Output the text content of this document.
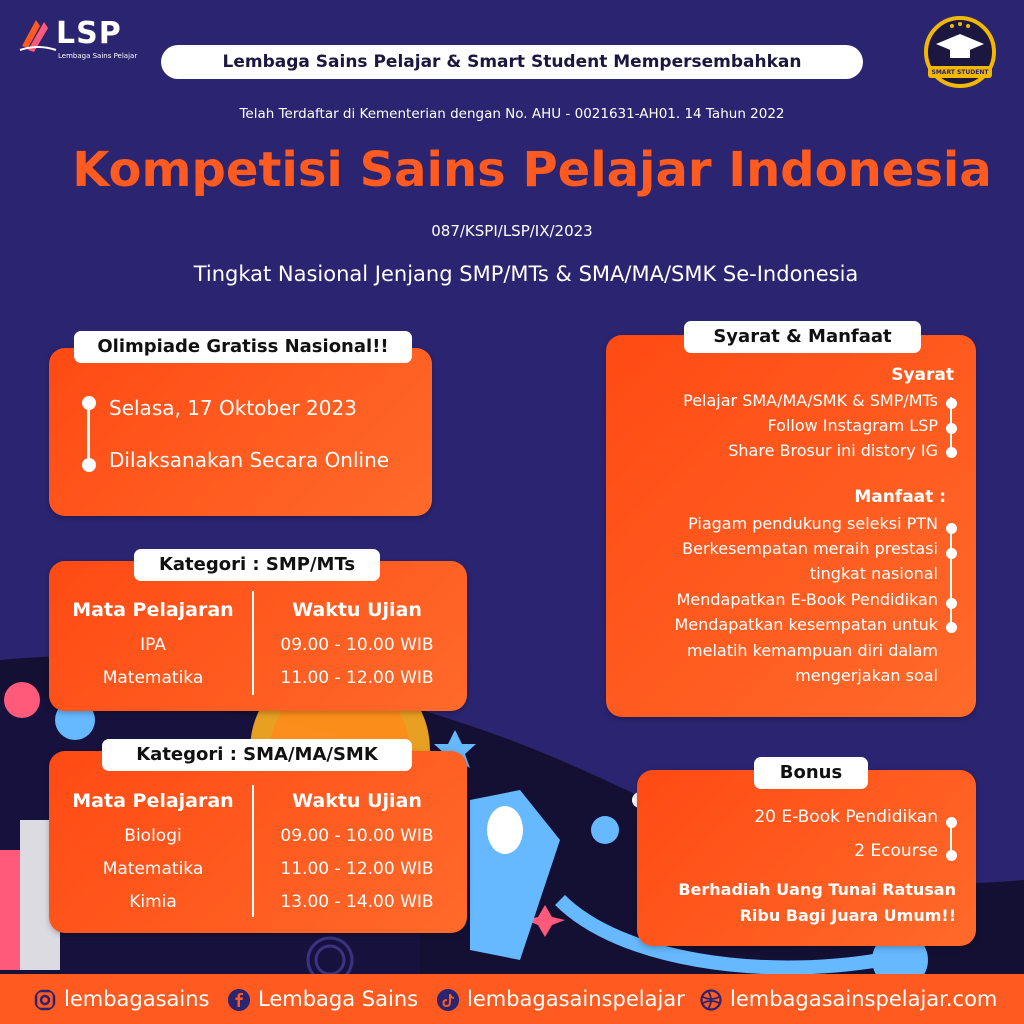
LSP
Lembaga Sains Pelajar
SMART STUDENT
Lembaga Sains Pelajar & Smart Student Mempersembahkan
Telah Terdaftar di Kementerian dengan No. AHU - 0021631-AH01. 14 Tahun 2022
Kompetisi Sains Pelajar Indonesia
087/KSPI/LSP/IX/2023
Tingkat Nasional Jenjang SMP/MTs & SMA/MA/SMK Se-Indonesia
Selasa, 17 Oktober 2023
Dilaksanakan Secara Online
Olimpiade Gratiss Nasional!!
Mata Pelajaran	Waktu Ujian
IPA	09.00 - 10.00 WIB
Matematika	11.00 - 12.00 WIB
Kategori : SMP/MTs
Mata Pelajaran	Waktu Ujian
Biologi	09.00 - 10.00 WIB
Matematika	11.00 - 12.00 WIB
Kimia	13.00 - 14.00 WIB
Kategori : SMA/MA/SMK
Syarat
Pelajar SMA/MA/SMK & SMP/MTs
Follow Instagram LSP
Share Brosur ini distory IG
Manfaat :
Piagam pendukung seleksi PTN
Berkesempatan meraih prestasi
tingkat nasional
Mendapatkan E-Book Pendidikan
Mendapatkan kesempatan untuk
melatih kemampuan diri dalam
mengerjakan soal
Syarat & Manfaat
20 E-Book Pendidikan
2 Ecourse
Berhadiah Uang Tunai Ratusan
Ribu Bagi Juara Umum!!
Bonus
lembagasains Lembaga Sains lembagasainspelajar lembagasainspelajar.com
